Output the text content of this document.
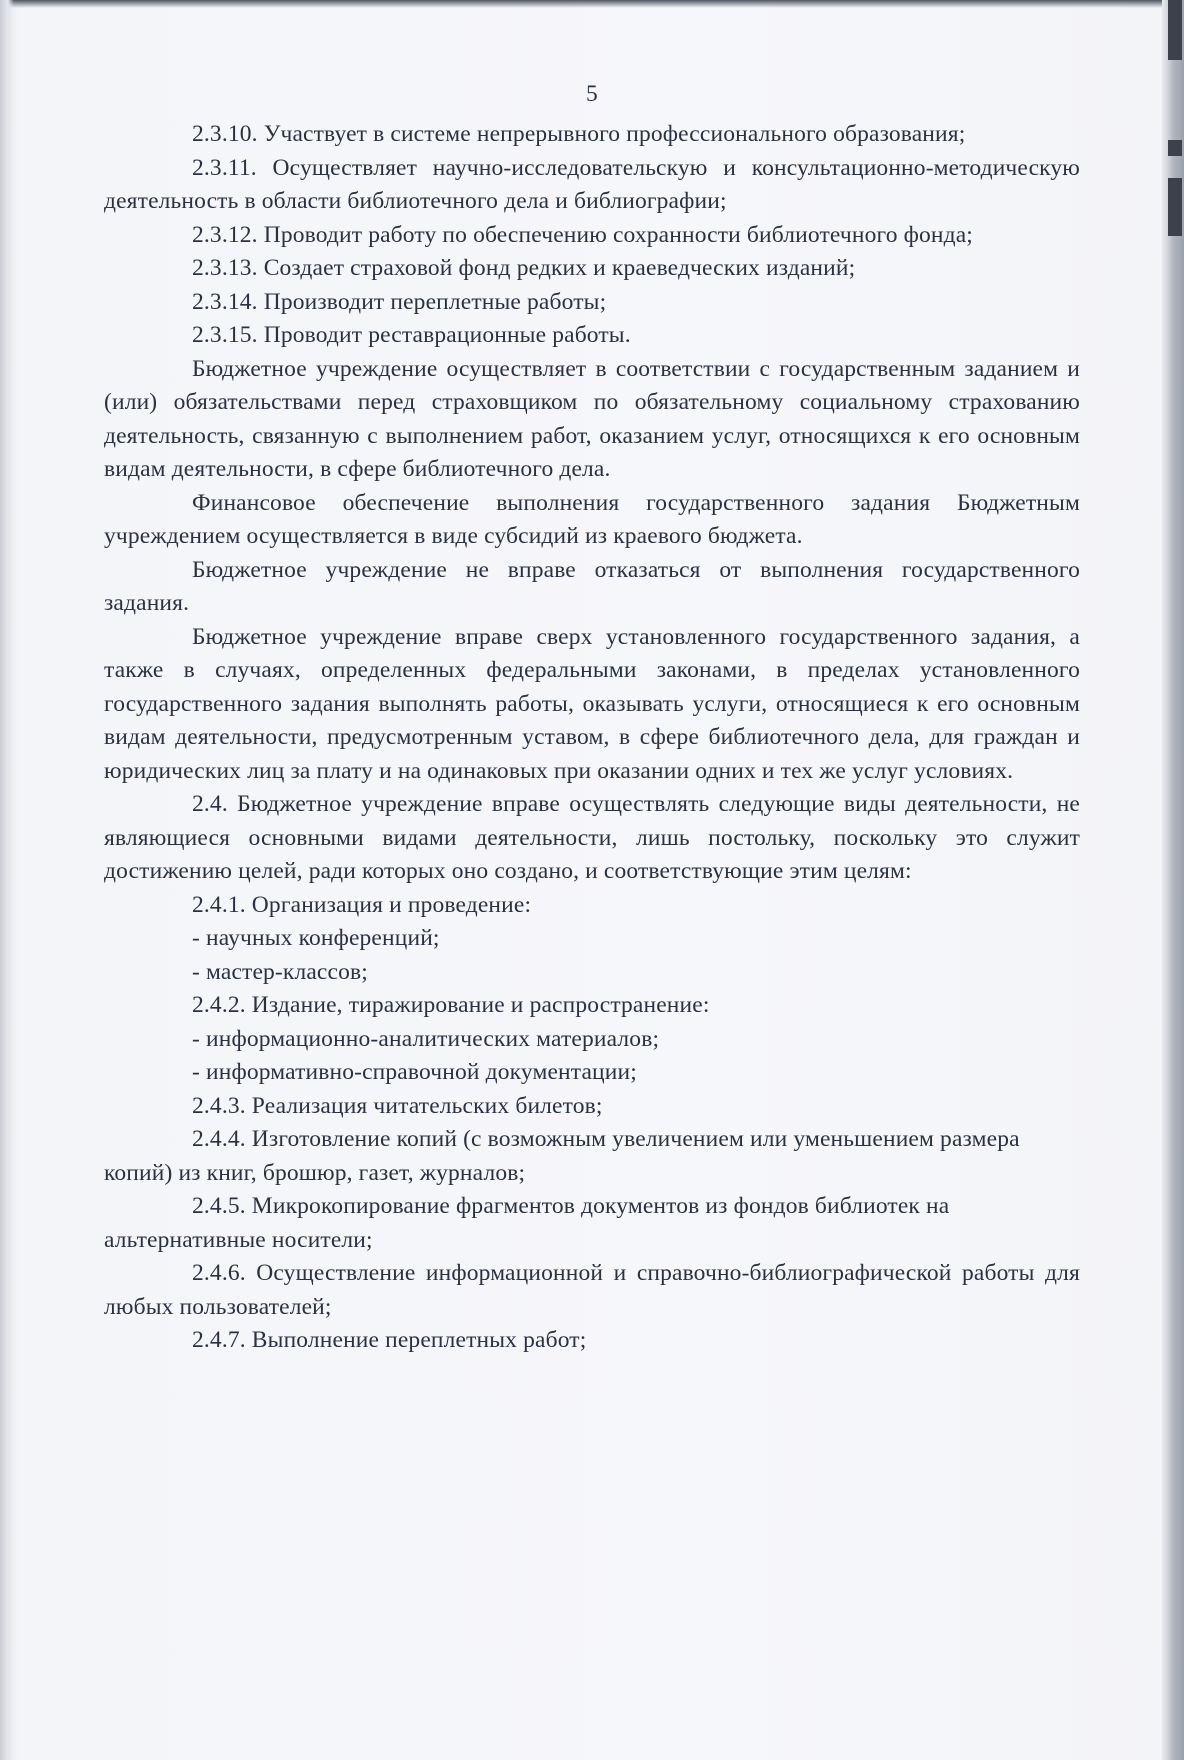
5

2.3.10. Участвует в системе непрерывного профессионального образования;

2.3.11. Осуществляет научно-исследовательскую и консультационно-методическую деятельность в области библиотечного дела и библиографии;

2.3.12. Проводит работу по обеспечению сохранности библиотечного фонда;

2.3.13. Создает страховой фонд редких и краеведческих изданий;

2.3.14. Производит переплетные работы;

2.3.15. Проводит реставрационные работы.

Бюджетное учреждение осуществляет в соответствии с государственным заданием и (или) обязательствами перед страховщиком по обязательному социальному страхованию деятельность, связанную с выполнением работ, оказанием услуг, относящихся к его основным видам деятельности, в сфере библиотечного дела.

Финансовое обеспечение выполнения государственного задания Бюджетным учреждением осуществляется в виде субсидий из краевого бюджета.

Бюджетное учреждение не вправе отказаться от выполнения государственного задания.

Бюджетное учреждение вправе сверх установленного государственного задания, а также в случаях, определенных федеральными законами, в пределах установленного государственного задания выполнять работы, оказывать услуги, относящиеся к его основным видам деятельности, предусмотренным уставом, в сфере библиотечного дела, для граждан и юридических лиц за плату и на одинаковых при оказании одних и тех же услуг условиях.

2.4. Бюджетное учреждение вправе осуществлять следующие виды деятельности, не являющиеся основными видами деятельности, лишь постольку, поскольку это служит достижению целей, ради которых оно создано, и соответствующие этим целям:

2.4.1. Организация и проведение:

- научных конференций;

- мастер-классов;

2.4.2. Издание, тиражирование и распространение:

- информационно-аналитических материалов;

- информативно-справочной документации;

2.4.3. Реализация читательских билетов;

2.4.4. Изготовление копий (с возможным увеличением или уменьшением размера копий) из книг, брошюр, газет, журналов;

2.4.5. Микрокопирование фрагментов документов из фондов библиотек на альтернативные носители;

2.4.6. Осуществление информационной и справочно-библиографической работы для любых пользователей;

2.4.7. Выполнение переплетных работ;
